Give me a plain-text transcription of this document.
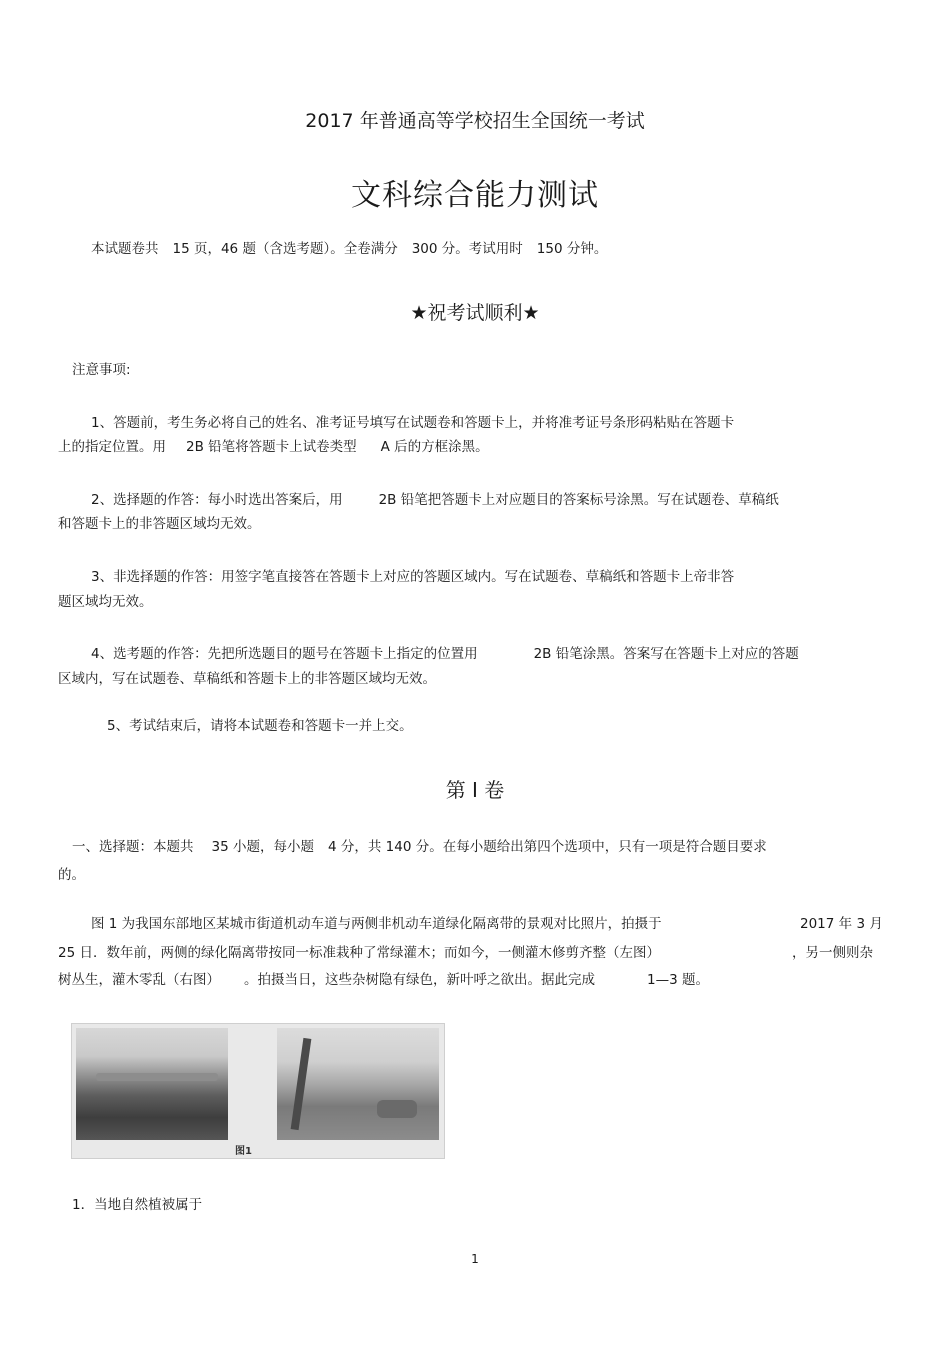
2017 年普通高等学校招生全国统一考试
文科综合能力测试
本试题卷共 15 页，46 题（含选考题）。全卷满分 300 分。考试用时 150 分钟。
★祝考试顺利★
注意事项:
1、答题前，考生务必将自己的姓名、准考证号填写在试题卷和答题卡上，并将准考证号条形码粘贴在答题卡
上的指定位置。用 2B 铅笔将答题卡上试卷类型 A 后的方框涂黑。
2、选择题的作答：每小时选出答案后，用	2B 铅笔把答题卡上对应题目的答案标号涂黑。写在试题卷、草稿纸
和答题卡上的非答题区域均无效。
3、非选择题的作答：用签字笔直接答在答题卡上对应的答题区域内。写在试题卷、草稿纸和答题卡上帝非答
题区域均无效。
4、选考题的作答：先把所选题目的题号在答题卡上指定的位置用	2B 铅笔涂黑。答案写在答题卡上对应的答题
区域内，写在试题卷、草稿纸和答题卡上的非答题区域均无效。
5、考试结束后，请将本试题卷和答题卡一并上交。
第 I 卷
一、选择题：本题共 35 小题，每小题 4 分，共 140 分。在每小题给出第四个选项中，只有一项是符合题目要求
的。
图 1 为我国东部地区某城市街道机动车道与两侧非机动车道绿化隔离带的景观对比照片，拍摄于	2017 年 3 月
25 日．数年前，两侧的绿化隔离带按同一标准栽种了常绿灌木；而如今，一侧灌木修剪齐整（左图）	，另一侧则杂
树丛生，灌木零乱（右图） 。拍摄当日，这些杂树隐有绿色，新叶呼之欲出。据此完成	1—3 题。
图1
1．当地自然植被属于
1
